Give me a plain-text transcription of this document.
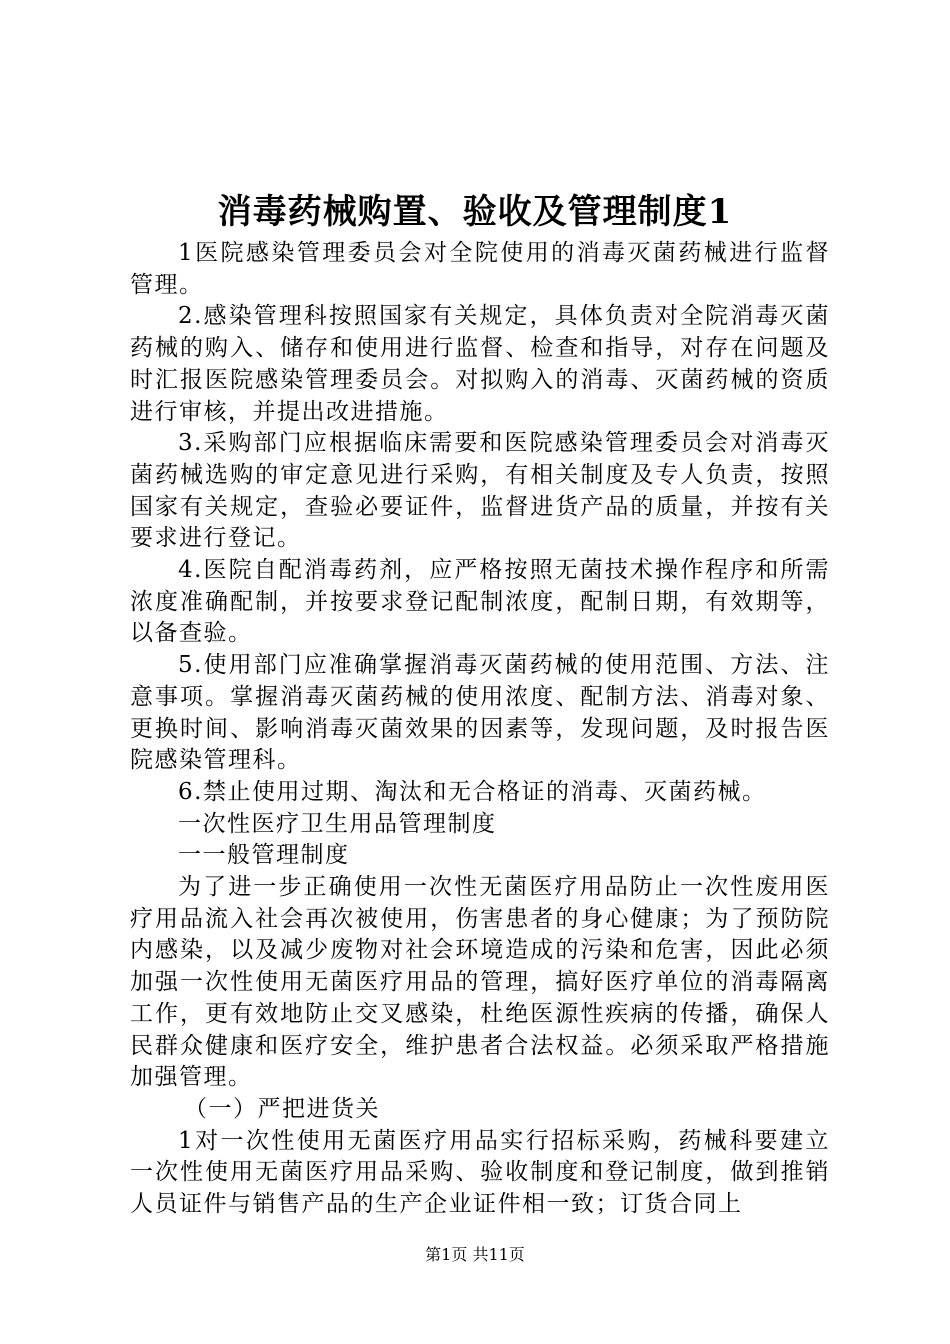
消毒药械购置、验收及管理制度1

1医院感染管理委员会对全院使用的消毒灭菌药械进行监督管理。

2.感染管理科按照国家有关规定，具体负责对全院消毒灭菌药械的购入、储存和使用进行监督、检查和指导，对存在问题及时汇报医院感染管理委员会。对拟购入的消毒、灭菌药械的资质进行审核，并提出改进措施。

3.采购部门应根据临床需要和医院感染管理委员会对消毒灭菌药械选购的审定意见进行采购，有相关制度及专人负责，按照国家有关规定，查验必要证件，监督进货产品的质量，并按有关要求进行登记。

4.医院自配消毒药剂，应严格按照无菌技术操作程序和所需浓度准确配制，并按要求登记配制浓度，配制日期，有效期等，以备查验。

5.使用部门应准确掌握消毒灭菌药械的使用范围、方法、注意事项。掌握消毒灭菌药械的使用浓度、配制方法、消毒对象、更换时间、影响消毒灭菌效果的因素等，发现问题，及时报告医院感染管理科。

6.禁止使用过期、淘汰和无合格证的消毒、灭菌药械。

一次性医疗卫生用品管理制度

一一般管理制度

为了进一步正确使用一次性无菌医疗用品防止一次性废用医疗用品流入社会再次被使用，伤害患者的身心健康；为了预防院内感染，以及减少废物对社会环境造成的污染和危害，因此必须加强一次性使用无菌医疗用品的管理，搞好医疗单位的消毒隔离工作，更有效地防止交叉感染，杜绝医源性疾病的传播，确保人民群众健康和医疗安全，维护患者合法权益。必须采取严格措施加强管理。

（一）严把进货关

1对一次性使用无菌医疗用品实行招标采购，药械科要建立一次性使用无菌医疗用品采购、验收制度和登记制度，做到推销人员证件与销售产品的生产企业证件相一致；订货合同上

第1页 共11页
